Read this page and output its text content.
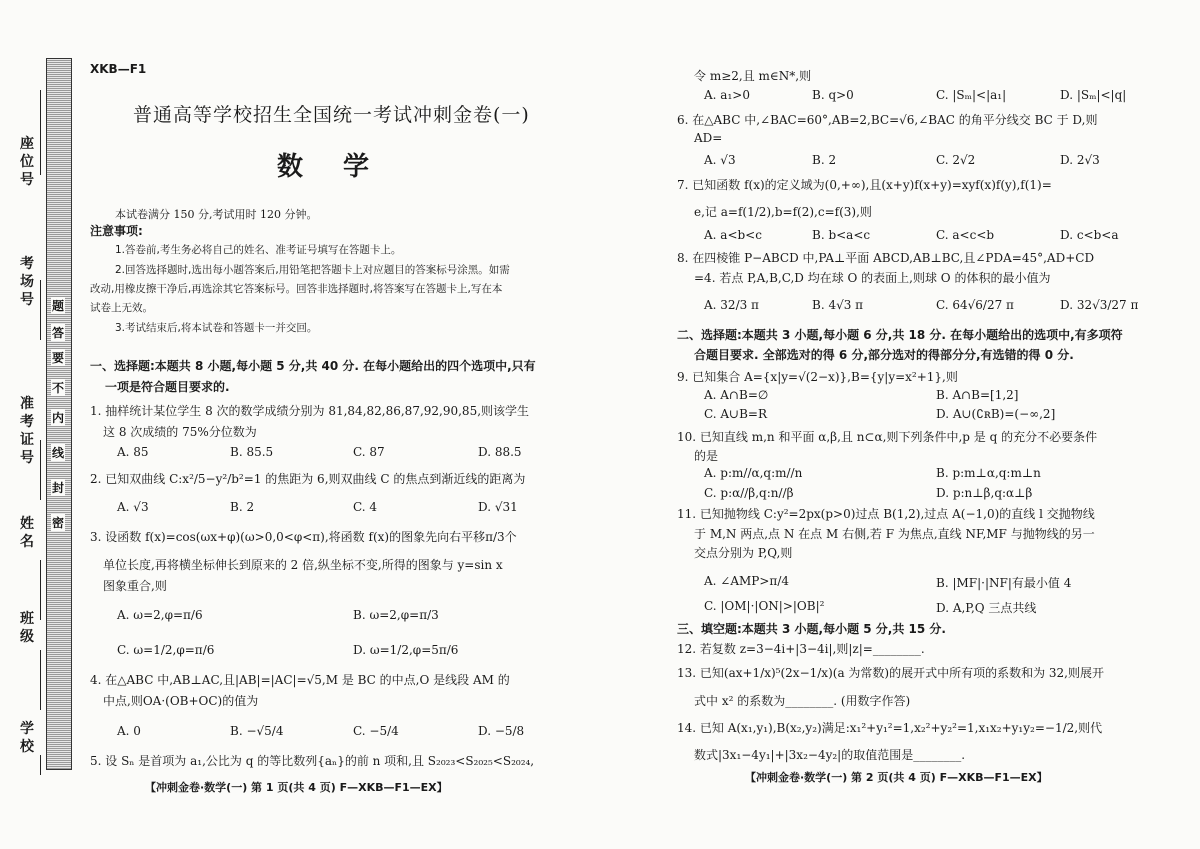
座位号
考场号
准考证号
姓名
班级
学校
密
封
线
内
不
要
答
题
XKB—F1
普通高等学校招生全国统一考试冲刺金卷(一)
数学
本试卷满分 150 分,考试用时 120 分钟。
注意事项:
1.答卷前,考生务必将自己的姓名、准考证号填写在答题卡上。
2.回答选择题时,选出每小题答案后,用铅笔把答题卡上对应题目的答案标号涂黑。如需
改动,用橡皮擦干净后,再选涂其它答案标号。回答非选择题时,将答案写在答题卡上,写在本
试卷上无效。
3.考试结束后,将本试卷和答题卡一并交回。
一、选择题:本题共 8 小题,每小题 5 分,共 40 分. 在每小题给出的四个选项中,只有
一项是符合题目要求的.
1. 抽样统计某位学生 8 次的数学成绩分别为 81,84,82,86,87,92,90,85,则该学生
这 8 次成绩的 75%分位数为
A. 85	B. 85.5	C. 87	D. 88.5
2. 已知双曲线 C:x²/5−y²/b²=1 的焦距为 6,则双曲线 C 的焦点到渐近线的距离为
A. √3	B. 2	C. 4	D. √31
3. 设函数 f(x)=cos(ωx+φ)(ω>0,0<φ<π),将函数 f(x)的图象先向右平移π/3个
单位长度,再将横坐标伸长到原来的 2 倍,纵坐标不变,所得的图象与 y=sin x
图象重合,则
A. ω=2,φ=π/6	B. ω=2,φ=π/3
C. ω=1/2,φ=π/6	D. ω=1/2,φ=5π/6
4. 在△ABC 中,AB⊥AC,且|AB|=|AC|=√5,M 是 BC 的中点,O 是线段 AM 的
中点,则OA·(OB+OC)的值为
A. 0	B. −√5/4	C. −5/4	D. −5/8
5. 设 Sₙ 是首项为 a₁,公比为 q 的等比数列{aₙ}的前 n 项和,且 S₂₀₂₃<S₂₀₂₅<S₂₀₂₄,
【冲刺金卷·数学(一) 第 1 页(共 4 页) F—XKB—F1—EX】
令 m≥2,且 m∈N*,则
A. a₁>0	B. q>0	C. |Sₘ|<|a₁|	D. |Sₘ|<|q|
6. 在△ABC 中,∠BAC=60°,AB=2,BC=√6,∠BAC 的角平分线交 BC 于 D,则
AD=
A. √3	B. 2	C. 2√2	D. 2√3
7. 已知函数 f(x)的定义域为(0,+∞),且(x+y)f(x+y)=xyf(x)f(y),f(1)=
e,记 a=f(1/2),b=f(2),c=f(3),则
A. a<b<c	B. b<a<c	C. a<c<b	D. c<b<a
8. 在四棱锥 P−ABCD 中,PA⊥平面 ABCD,AB⊥BC,且∠PDA=45°,AD+CD
=4. 若点 P,A,B,C,D 均在球 O 的表面上,则球 O 的体积的最小值为
A. 32/3 π	B. 4√3 π	C. 64√6/27 π	D. 32√3/27 π
二、选择题:本题共 3 小题,每小题 6 分,共 18 分. 在每小题给出的选项中,有多项符
合题目要求. 全部选对的得 6 分,部分选对的得部分分,有选错的得 0 分.
9. 已知集合 A={x|y=√(2−x)},B={y|y=x²+1},则
A. A∩B=∅	B. A∩B=[1,2]
C. A∪B=R	D. A∪(∁ʀB)=(−∞,2]
10. 已知直线 m,n 和平面 α,β,且 n⊂α,则下列条件中,p 是 q 的充分不必要条件
的是
A. p:m//α,q:m//n	B. p:m⊥α,q:m⊥n
C. p:α//β,q:n//β	D. p:n⊥β,q:α⊥β
11. 已知抛物线 C:y²=2px(p>0)过点 B(1,2),过点 A(−1,0)的直线 l 交抛物线
于 M,N 两点,点 N 在点 M 右侧,若 F 为焦点,直线 NF,MF 与抛物线的另一
交点分别为 P,Q,则
A. ∠AMP>π/4	B. |MF|·|NF|有最小值 4
C. |OM|·|ON|>|OB|²	D. A,P,Q 三点共线
三、填空题:本题共 3 小题,每小题 5 分,共 15 分.
12. 若复数 z=3−4i+|3−4i|,则|z|=________.
13. 已知(ax+1/x)⁵(2x−1/x)(a 为常数)的展开式中所有项的系数和为 32,则展开
式中 x² 的系数为________. (用数字作答)
14. 已知 A(x₁,y₁),B(x₂,y₂)满足:x₁²+y₁²=1,x₂²+y₂²=1,x₁x₂+y₁y₂=−1/2,则代
数式|3x₁−4y₁|+|3x₂−4y₂|的取值范围是________.
【冲刺金卷·数学(一) 第 2 页(共 4 页) F—XKB—F1—EX】
